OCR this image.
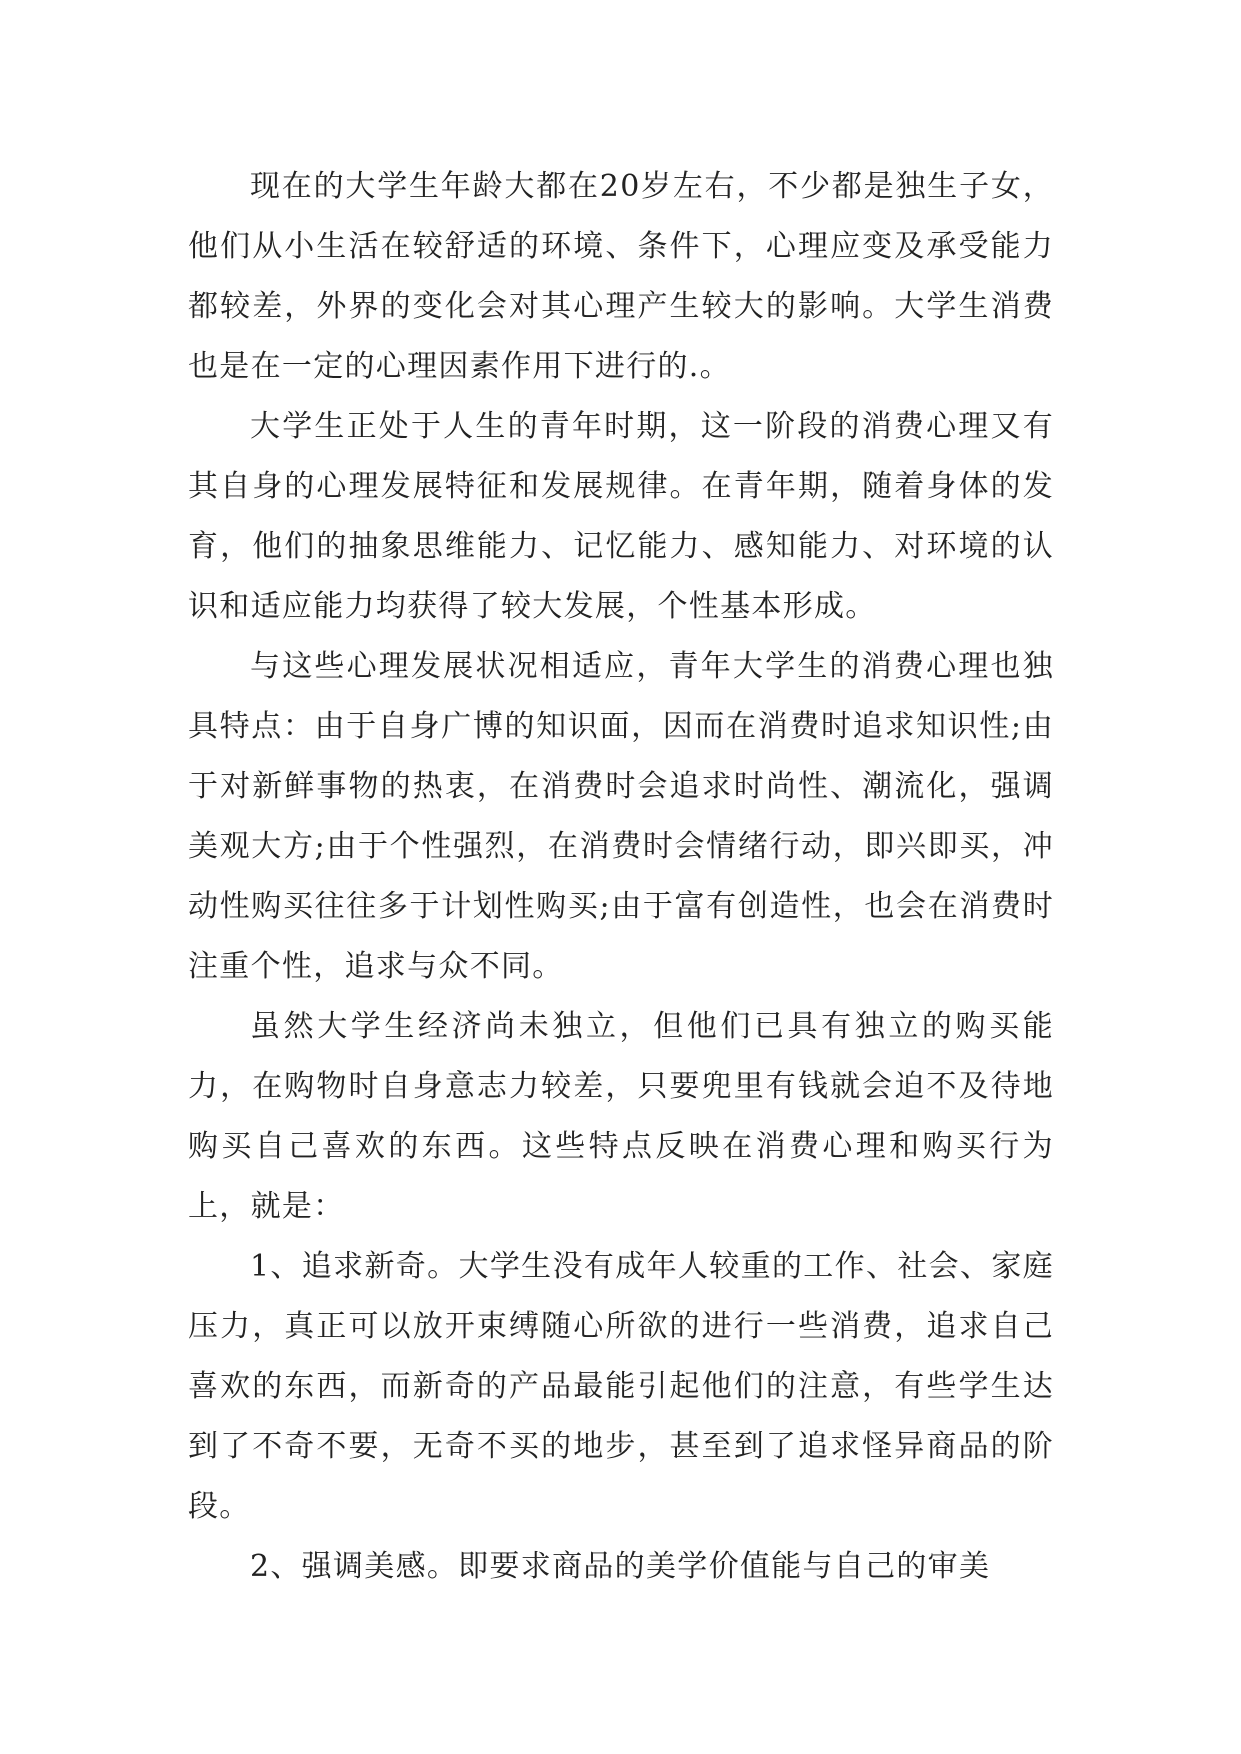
现在的大学生年龄大都在20岁左右，不少都是独生子女，他们从小生活在较舒适的环境、条件下，心理应变及承受能力都较差，外界的变化会对其心理产生较大的影响。大学生消费也是在一定的心理因素作用下进行的.。

大学生正处于人生的青年时期，这一阶段的消费心理又有其自身的心理发展特征和发展规律。在青年期，随着身体的发育，他们的抽象思维能力、记忆能力、感知能力、对环境的认识和适应能力均获得了较大发展，个性基本形成。

与这些心理发展状况相适应，青年大学生的消费心理也独具特点：由于自身广博的知识面，因而在消费时追求知识性;由于对新鲜事物的热衷，在消费时会追求时尚性、潮流化，强调美观大方;由于个性强烈，在消费时会情绪行动，即兴即买，冲动性购买往往多于计划性购买;由于富有创造性，也会在消费时注重个性，追求与众不同。

虽然大学生经济尚未独立，但他们已具有独立的购买能力，在购物时自身意志力较差，只要兜里有钱就会迫不及待地购买自己喜欢的东西。这些特点反映在消费心理和购买行为上，就是：

1、追求新奇。大学生没有成年人较重的工作、社会、家庭压力，真正可以放开束缚随心所欲的进行一些消费，追求自己喜欢的东西，而新奇的产品最能引起他们的注意，有些学生达到了不奇不要，无奇不买的地步，甚至到了追求怪异商品的阶段。

2、强调美感。即要求商品的美学价值能与自己的审美
